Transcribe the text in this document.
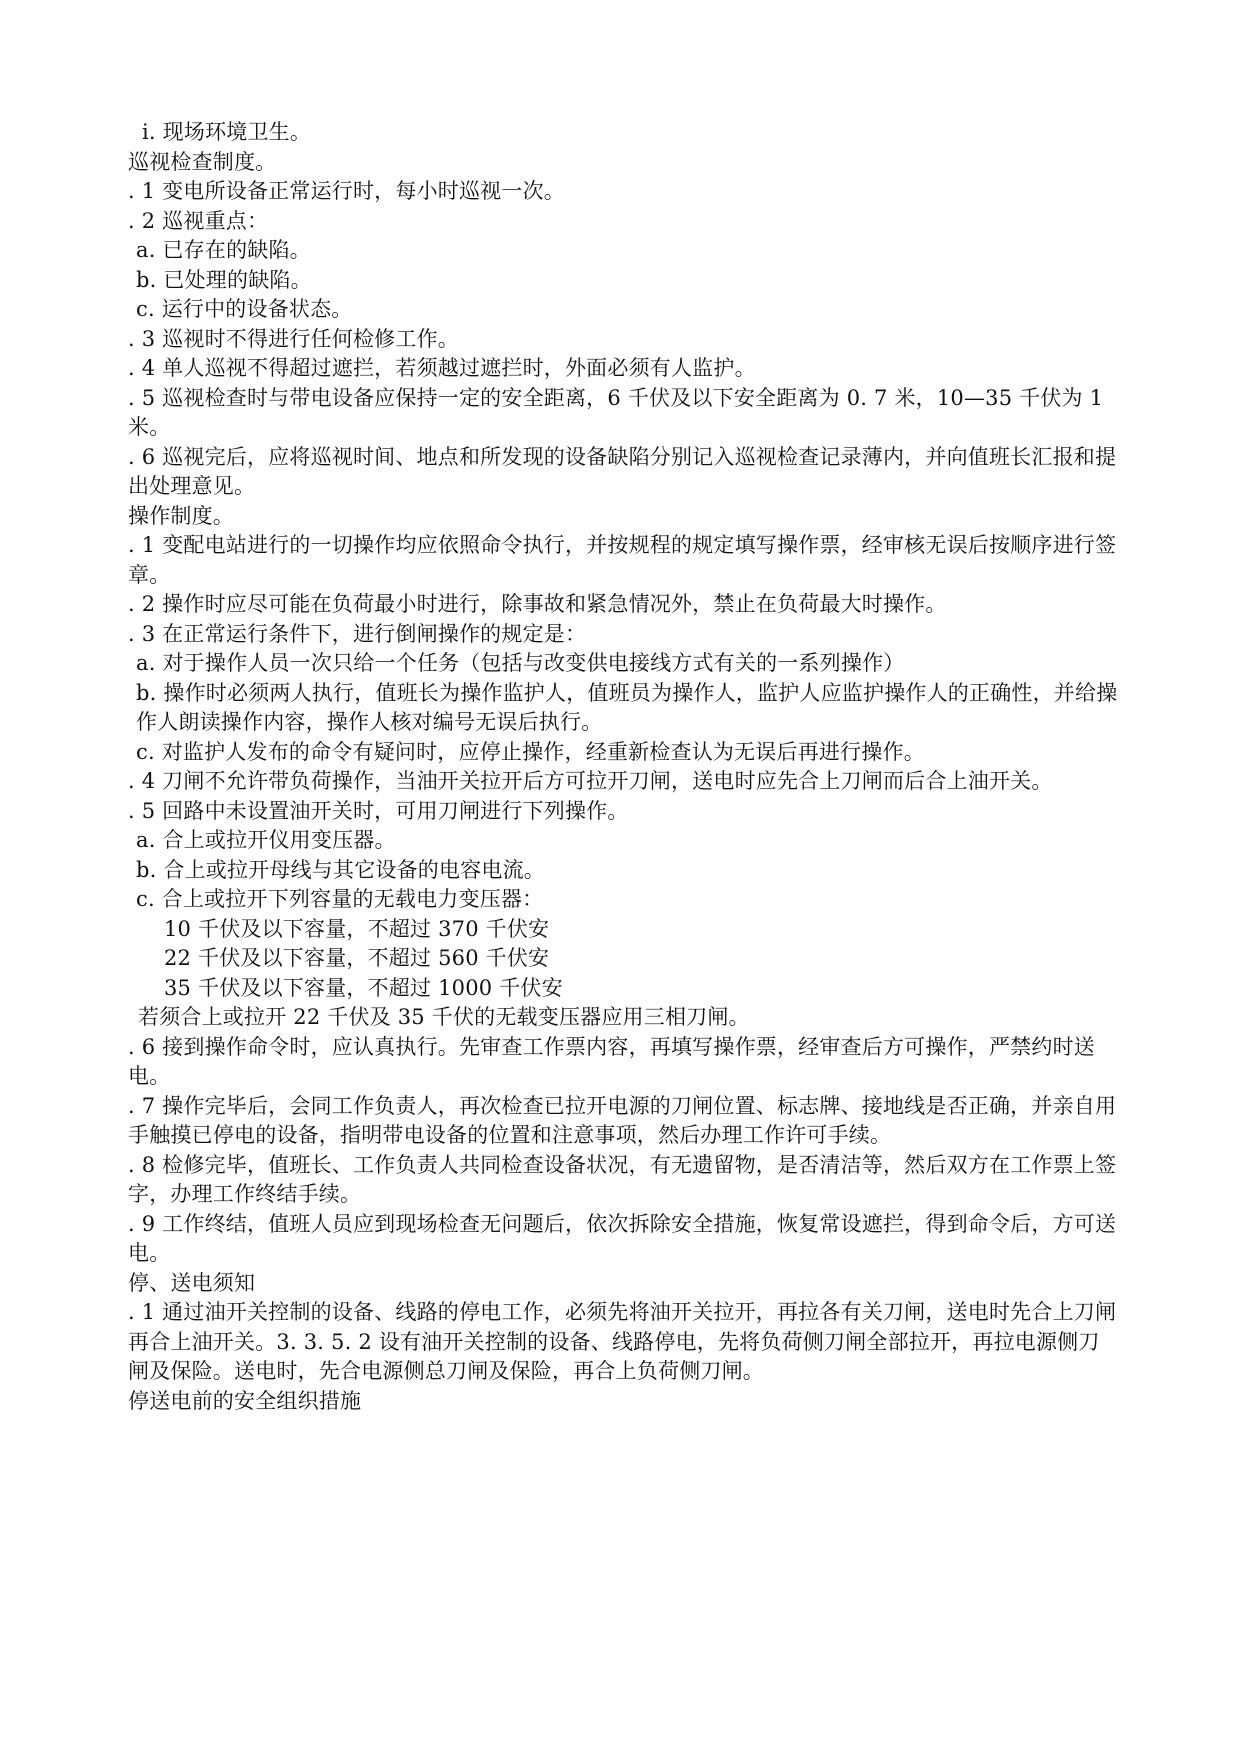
i. 现场环境卫生。

巡视检查制度。

. 1 变电所设备正常运行时，每小时巡视一次。

. 2 巡视重点：

a. 已存在的缺陷。

b. 已处理的缺陷。

c. 运行中的设备状态。

. 3 巡视时不得进行任何检修工作。

. 4 单人巡视不得超过遮拦，若须越过遮拦时，外面必须有人监护。

. 5 巡视检查时与带电设备应保持一定的安全距离，6 千伏及以下安全距离为 0. 7 米，10—35 千伏为 1 米。

. 6 巡视完后，应将巡视时间、地点和所发现的设备缺陷分别记入巡视检查记录薄内，并向值班长汇报和提出处理意见。

操作制度。

. 1 变配电站进行的一切操作均应依照命令执行，并按规程的规定填写操作票，经审核无误后按顺序进行签章。

. 2 操作时应尽可能在负荷最小时进行，除事故和紧急情况外，禁止在负荷最大时操作。

. 3 在正常运行条件下，进行倒闸操作的规定是：

a. 对于操作人员一次只给一个任务（包括与改变供电接线方式有关的一系列操作）

b. 操作时必须两人执行，值班长为操作监护人，值班员为操作人，监护人应监护操作人的正确性，并给操作人朗读操作内容，操作人核对编号无误后执行。

c. 对监护人发布的命令有疑问时，应停止操作，经重新检查认为无误后再进行操作。

. 4 刀闸不允许带负荷操作，当油开关拉开后方可拉开刀闸，送电时应先合上刀闸而后合上油开关。

. 5 回路中未设置油开关时，可用刀闸进行下列操作。

a. 合上或拉开仪用变压器。

b. 合上或拉开母线与其它设备的电容电流。

c. 合上或拉开下列容量的无载电力变压器：

10 千伏及以下容量，不超过 370 千伏安

22 千伏及以下容量，不超过 560 千伏安

35 千伏及以下容量，不超过 1000 千伏安

若须合上或拉开 22 千伏及 35 千伏的无载变压器应用三相刀闸。

. 6 接到操作命令时，应认真执行。先审查工作票内容，再填写操作票，经审查后方可操作，严禁约时送电。

. 7 操作完毕后，会同工作负责人，再次检查已拉开电源的刀闸位置、标志牌、接地线是否正确，并亲自用手触摸已停电的设备，指明带电设备的位置和注意事项，然后办理工作许可手续。

. 8 检修完毕，值班长、工作负责人共同检查设备状况，有无遗留物，是否清洁等，然后双方在工作票上签字，办理工作终结手续。

. 9 工作终结，值班人员应到现场检查无问题后，依次拆除安全措施，恢复常设遮拦，得到命令后，方可送电。

停、送电须知

. 1 通过油开关控制的设备、线路的停电工作，必须先将油开关拉开，再拉各有关刀闸，送电时先合上刀闸再合上油开关。3. 3. 5. 2 设有油开关控制的设备、线路停电，先将负荷侧刀闸全部拉开，再拉电源侧刀闸及保险。送电时，先合电源侧总刀闸及保险，再合上负荷侧刀闸。

停送电前的安全组织措施
